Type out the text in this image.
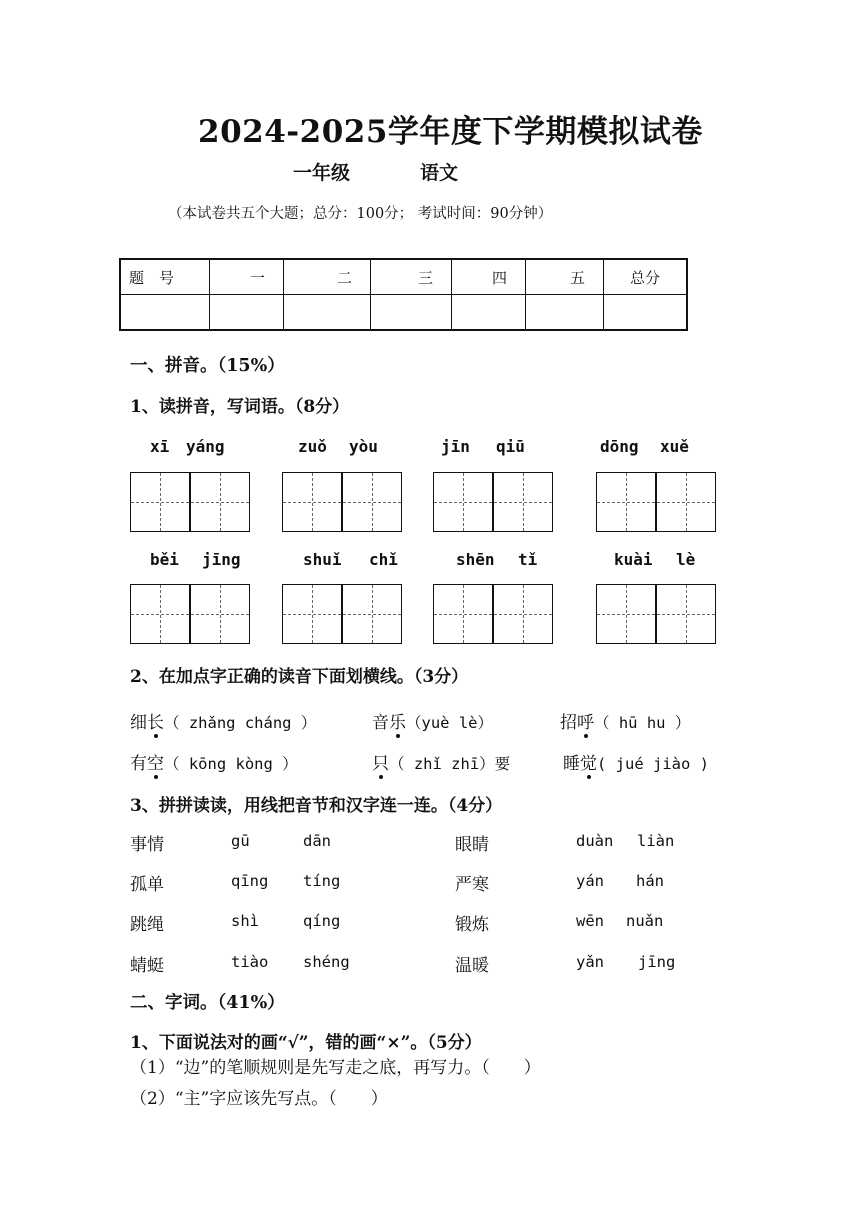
2024-2025学年度下学期模拟试卷
一年级	语文
（本试卷共五个大题；总分：100分； 考试时间：90分钟）
题　号	一	二	三	四	五	总分

一、拼音。（15%）
1、读拼音，写词语。（8分）
xī yáng	zuǒ yòu	jīn qiū	dōng xuě
běi jīng	shuǐ chǐ	shēn tǐ	kuài lè
2、在加点字正确的读音下面划横线。（3分）
细长（ zhǎng cháng ）	音乐（yuè lè）	招呼（ hū hu ）
有空（ kōng kòng ）	只（ zhǐ zhī）要	睡觉( jué jiào )
3、拼拼读读，用线把音节和汉字连一连。（4分）
事情	gū	dān	眼睛	duàn liàn
孤单	qīng tíng	严寒	yán hán
跳绳	shì	qíng	锻炼	wēn nuǎn
蜻蜓	tiào shéng	温暖	yǎn jīng
二、字词。（41%）
1、下面说法对的画“√”，错的画“×”。（5分）
（1）“边”的笔顺规则是先写走之底，再写力。（　　）
（2）“主”字应该先写点。（　　）
